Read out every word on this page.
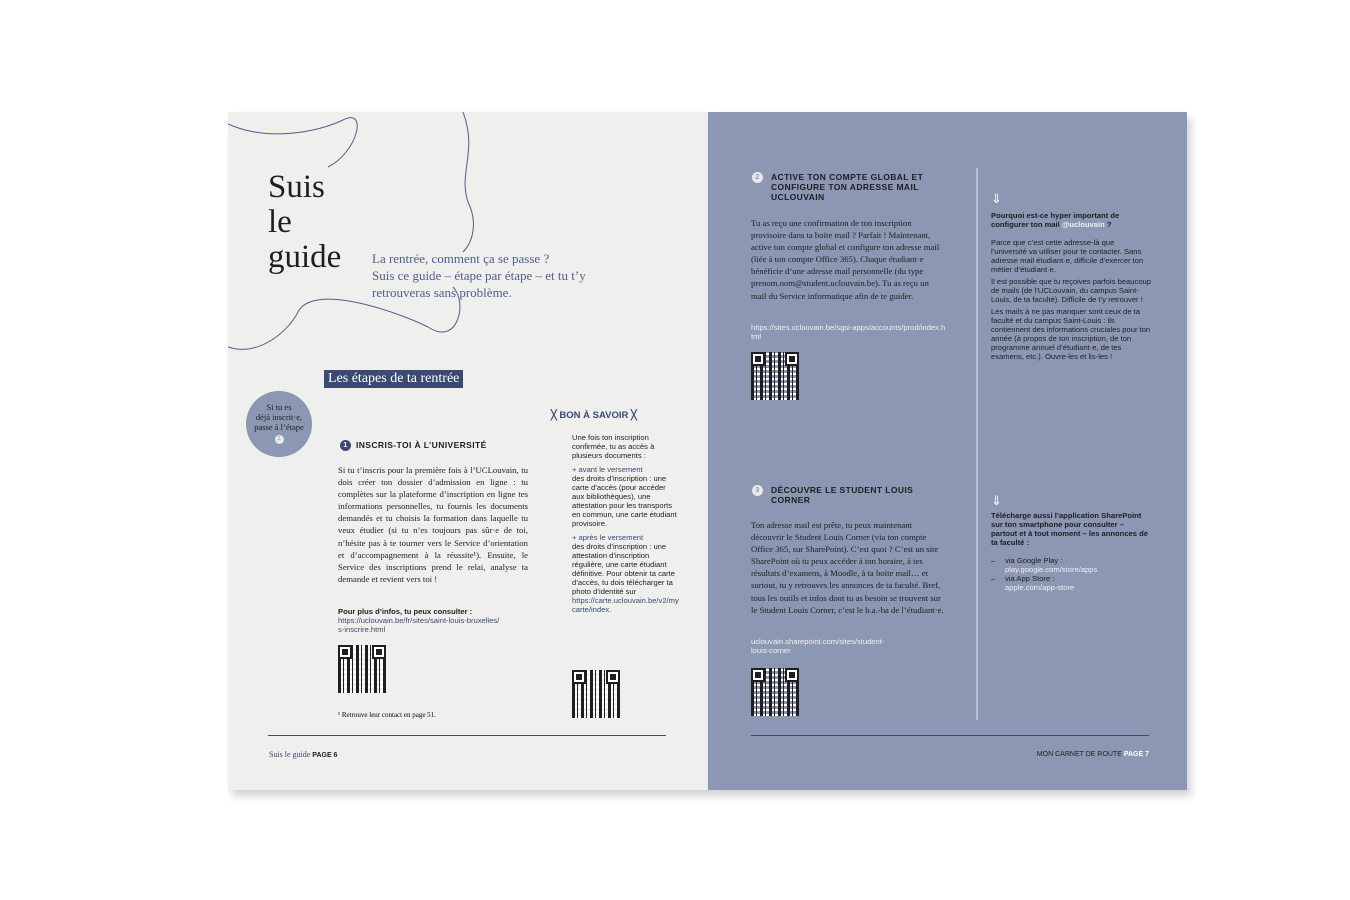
Suis
le
guide La rentrée, comment ça se passe ?
Suis ce guide – étape par étape – et tu t’y
retrouveras sans problème.
Les étapes de ta rentrée
Si tu es
déjà inscrit·e,
passe à l’étape
2
1 INSCRIS-TOI À L’UNIVERSITÉ
Si tu t’inscris pour la première fois à l’UCLouvain, tu dois créer ton dossier d’admission en ligne : tu complètes sur la plateforme d’inscription en ligne tes informations personnelles, tu fournis les documents demandés et tu choisis la formation dans laquelle tu veux étudier (si tu n’es toujours pas sûr·e de toi, n’hésite pas à te tourner vers le Service d’orientation et d’accompagnement à la réussite¹). Ensuite, le Service des inscriptions prend le relai, analyse ta demande et revient vers toi !
Pour plus d’infos, tu peux consulter :
https://uclouvain.be/fr/sites/saint-louis-bruxelles/s-inscrire.html
¹ Retrouve leur contact en page 51.
╳ BON À SAVOIR ╳
Une fois ton inscription confirmée, tu as accès à plusieurs documents :
+ avant le versement
des droits d’inscription : une carte d’accès (pour accéder aux bibliothèques), une attestation pour les transports en commun, une carte étudiant provisoire.
+ après le versement
des droits d’inscription : une attestation d’inscription régulière, une carte étudiant définitive. Pour obtenir ta carte d’accès, tu dois télécharger ta photo d’identité sur
https://carte.uclouvain.be/v2/mycarte/index.
Suis le guide PAGE 6
2	ACTIVE TON COMPTE GLOBAL ET CONFIGURE TON ADRESSE MAIL UCLOUVAIN
Tu as reçu une confirmation de ton inscription provisoire dans ta boite mail ? Parfait ! Maintenant, active ton compte global et configure ton adresse mail (liée à ton compte Office 365). Chaque étudiant·e bénéficie d’une adresse mail personnelle (du type prenom.nom@student.uclouvain.be). Tu as reçu un mail du Service informatique afin de te guider.
https://sites.uclouvain.be/sgsi-apps/accounts/prod/index.html
⇓
Pourquoi est-ce hyper important de configurer ton mail @uclouvain ?
Parce que c’est cette adresse-là que l’université va utiliser pour te contacter. Sans adresse mail étudiant·e, difficile d’exercer ton métier d’étudiant·e.
Il est possible que tu reçoives parfois beaucoup de mails (de l’UCLouvain, du campus Saint-Louis, de ta faculté). Difficile de t’y retrouver !
Les mails à ne pas manquer sont ceux de ta faculté et du campus Saint-Louis : ils contiennent des informations cruciales pour ton année (à propos de ton inscription, de ton programme annuel d’étudiant·e, de tes examens, etc.). Ouvre-les et lis-les !
3	DÉCOUVRE LE STUDENT LOUIS CORNER
Ton adresse mail est prête, tu peux maintenant découvrir le Student Louis Corner (via ton compte Office 365, sur SharePoint). C’est quoi ? C’est un site SharePoint où tu peux accéder à ton horaire, à tes résultats d’examens, à Moodle, à ta boite mail… et surtout, tu y retrouves les annonces de ta faculté. Bref, tous les outils et infos dont tu as besoin se trouvent sur le Student Louis Corner, c’est le b.a.-ba de l’étudiant·e.
uclouvain.sharepoint.com/sites/student-louis-corner
⇓
Télécharge aussi l’application SharePoint sur ton smartphone pour consulter – partout et à tout moment – les annonces de ta faculté :
– via Google Play :
play.google.com/store/apps
– via App Store :
apple.com/app-store
MON CARNET DE ROUTE PAGE 7
